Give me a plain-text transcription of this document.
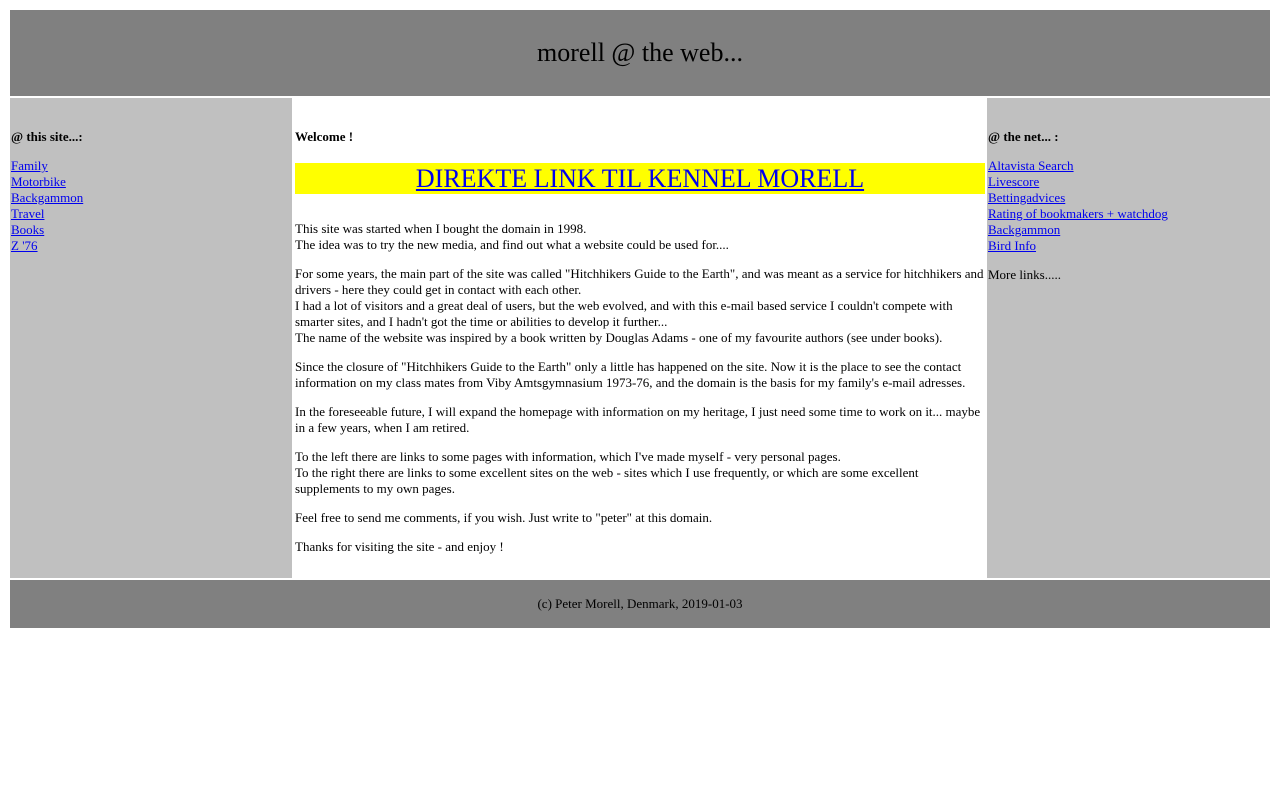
morell @ the web...
@ this site...:
Family
Motorbike
Backgammon
Travel
Books
Z '76
Welcome !
DIREKTE LINK TIL KENNEL MORELL

This site was started when I bought the domain in 1998.
The idea was to try the new media, and find out what a website could be used for....

For some years, the main part of the site was called "Hitchhikers Guide to the Earth", and was meant as a service for hitchhikers and drivers - here they could get in contact with each other.
I had a lot of visitors and a great deal of users, but the web evolved, and with this e-mail based service I couldn't compete with smarter sites, and I hadn't got the time or abilities to develop it further...
The name of the website was inspired by a book written by Douglas Adams - one of my favourite authors (see under books).

Since the closure of "Hitchhikers Guide to the Earth" only a little has happened on the site. Now it is the place to see the contact information on my class mates from Viby Amtsgymnasium 1973-76, and the domain is the basis for my family's e-mail adresses.

In the foreseeable future, I will expand the homepage with information on my heritage, I just need some time to work on it... maybe in a few years, when I am retired.

To the left there are links to some pages with information, which I've made myself - very personal pages.
To the right there are links to some excellent sites on the web - sites which I use frequently, or which are some excellent supplements to my own pages.

Feel free to send me comments, if you wish. Just write to "peter" at this domain.

Thanks for visiting the site - and enjoy !

@ the net... :
Altavista Search
Livescore
Bettingadvices
Rating of bookmakers + watchdog
Backgammon
Bird Info
More links.....
(c) Peter Morell, Denmark, 2019-01-03
